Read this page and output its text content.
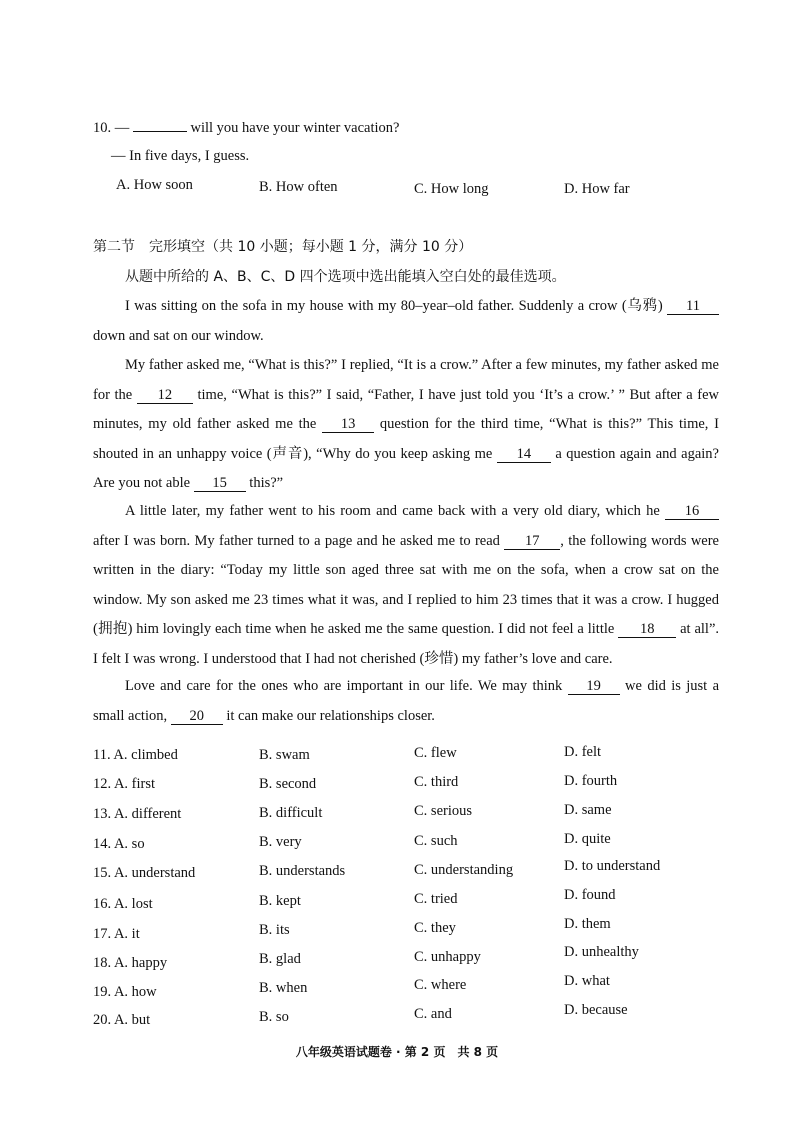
10. —	will you have your winter vacation?
— In five days, I guess.
A. How soon	B. How often	C. How long	D. How far
第二节　完形填空（共 10 小题；每小题 1 分，满分 10 分）
从题中所给的 A、B、C、D 四个选项中选出能填入空白处的最佳选项。
I was sitting on the sofa in my house with my 80–year–old father. Suddenly a crow (乌鸦) 11 down and sat on our window.
My father asked me, “What is this?” I replied, “It is a crow.” After a few minutes, my father asked me for the 12 time, “What is this?” I said, “Father, I have just told you ‘It’s a crow.’ ” But after a few minutes, my old father asked me the 13 question for the third time, “What is this?” This time, I shouted in an unhappy voice (声音), “Why do you keep asking me 14 a question again and again? Are you not able 15 this?”
A little later, my father went to his room and came back with a very old diary, which he 16 after I was born. My father turned to a page and he asked me to read 17 , the following words were written in the diary: “Today my little son aged three sat with me on the sofa, when a crow sat on the window. My son asked me 23 times what it was, and I replied to him 23 times that it was a crow. I hugged (拥抱) him lovingly each time when he asked me the same question. I did not feel a little 18 at all”. I felt I was wrong. I understood that I had not cherished (珍惜) my father’s love and care.
Love and care for the ones who are important in our life. We may think 19 we did is just a small action, 20 it can make our relationships closer.
11. A. climbed	B. swam	C. flew	D. felt
12. A. first	B. second	C. third	D. fourth
13. A. different	B. difficult	C. serious	D. same
14. A. so	B. very	C. such	D. quite
15. A. understand	B. understands	C. understanding	D. to understand
16. A. lost	B. kept	C. tried	D. found
17. A. it	B. its	C. they	D. them
18. A. happy	B. glad	C. unhappy	D. unhealthy
19. A. how	B. when	C. where	D. what
20. A. but	B. so	C. and	D. because
八年级英语试题卷 · 第 2 页　共 8 页
